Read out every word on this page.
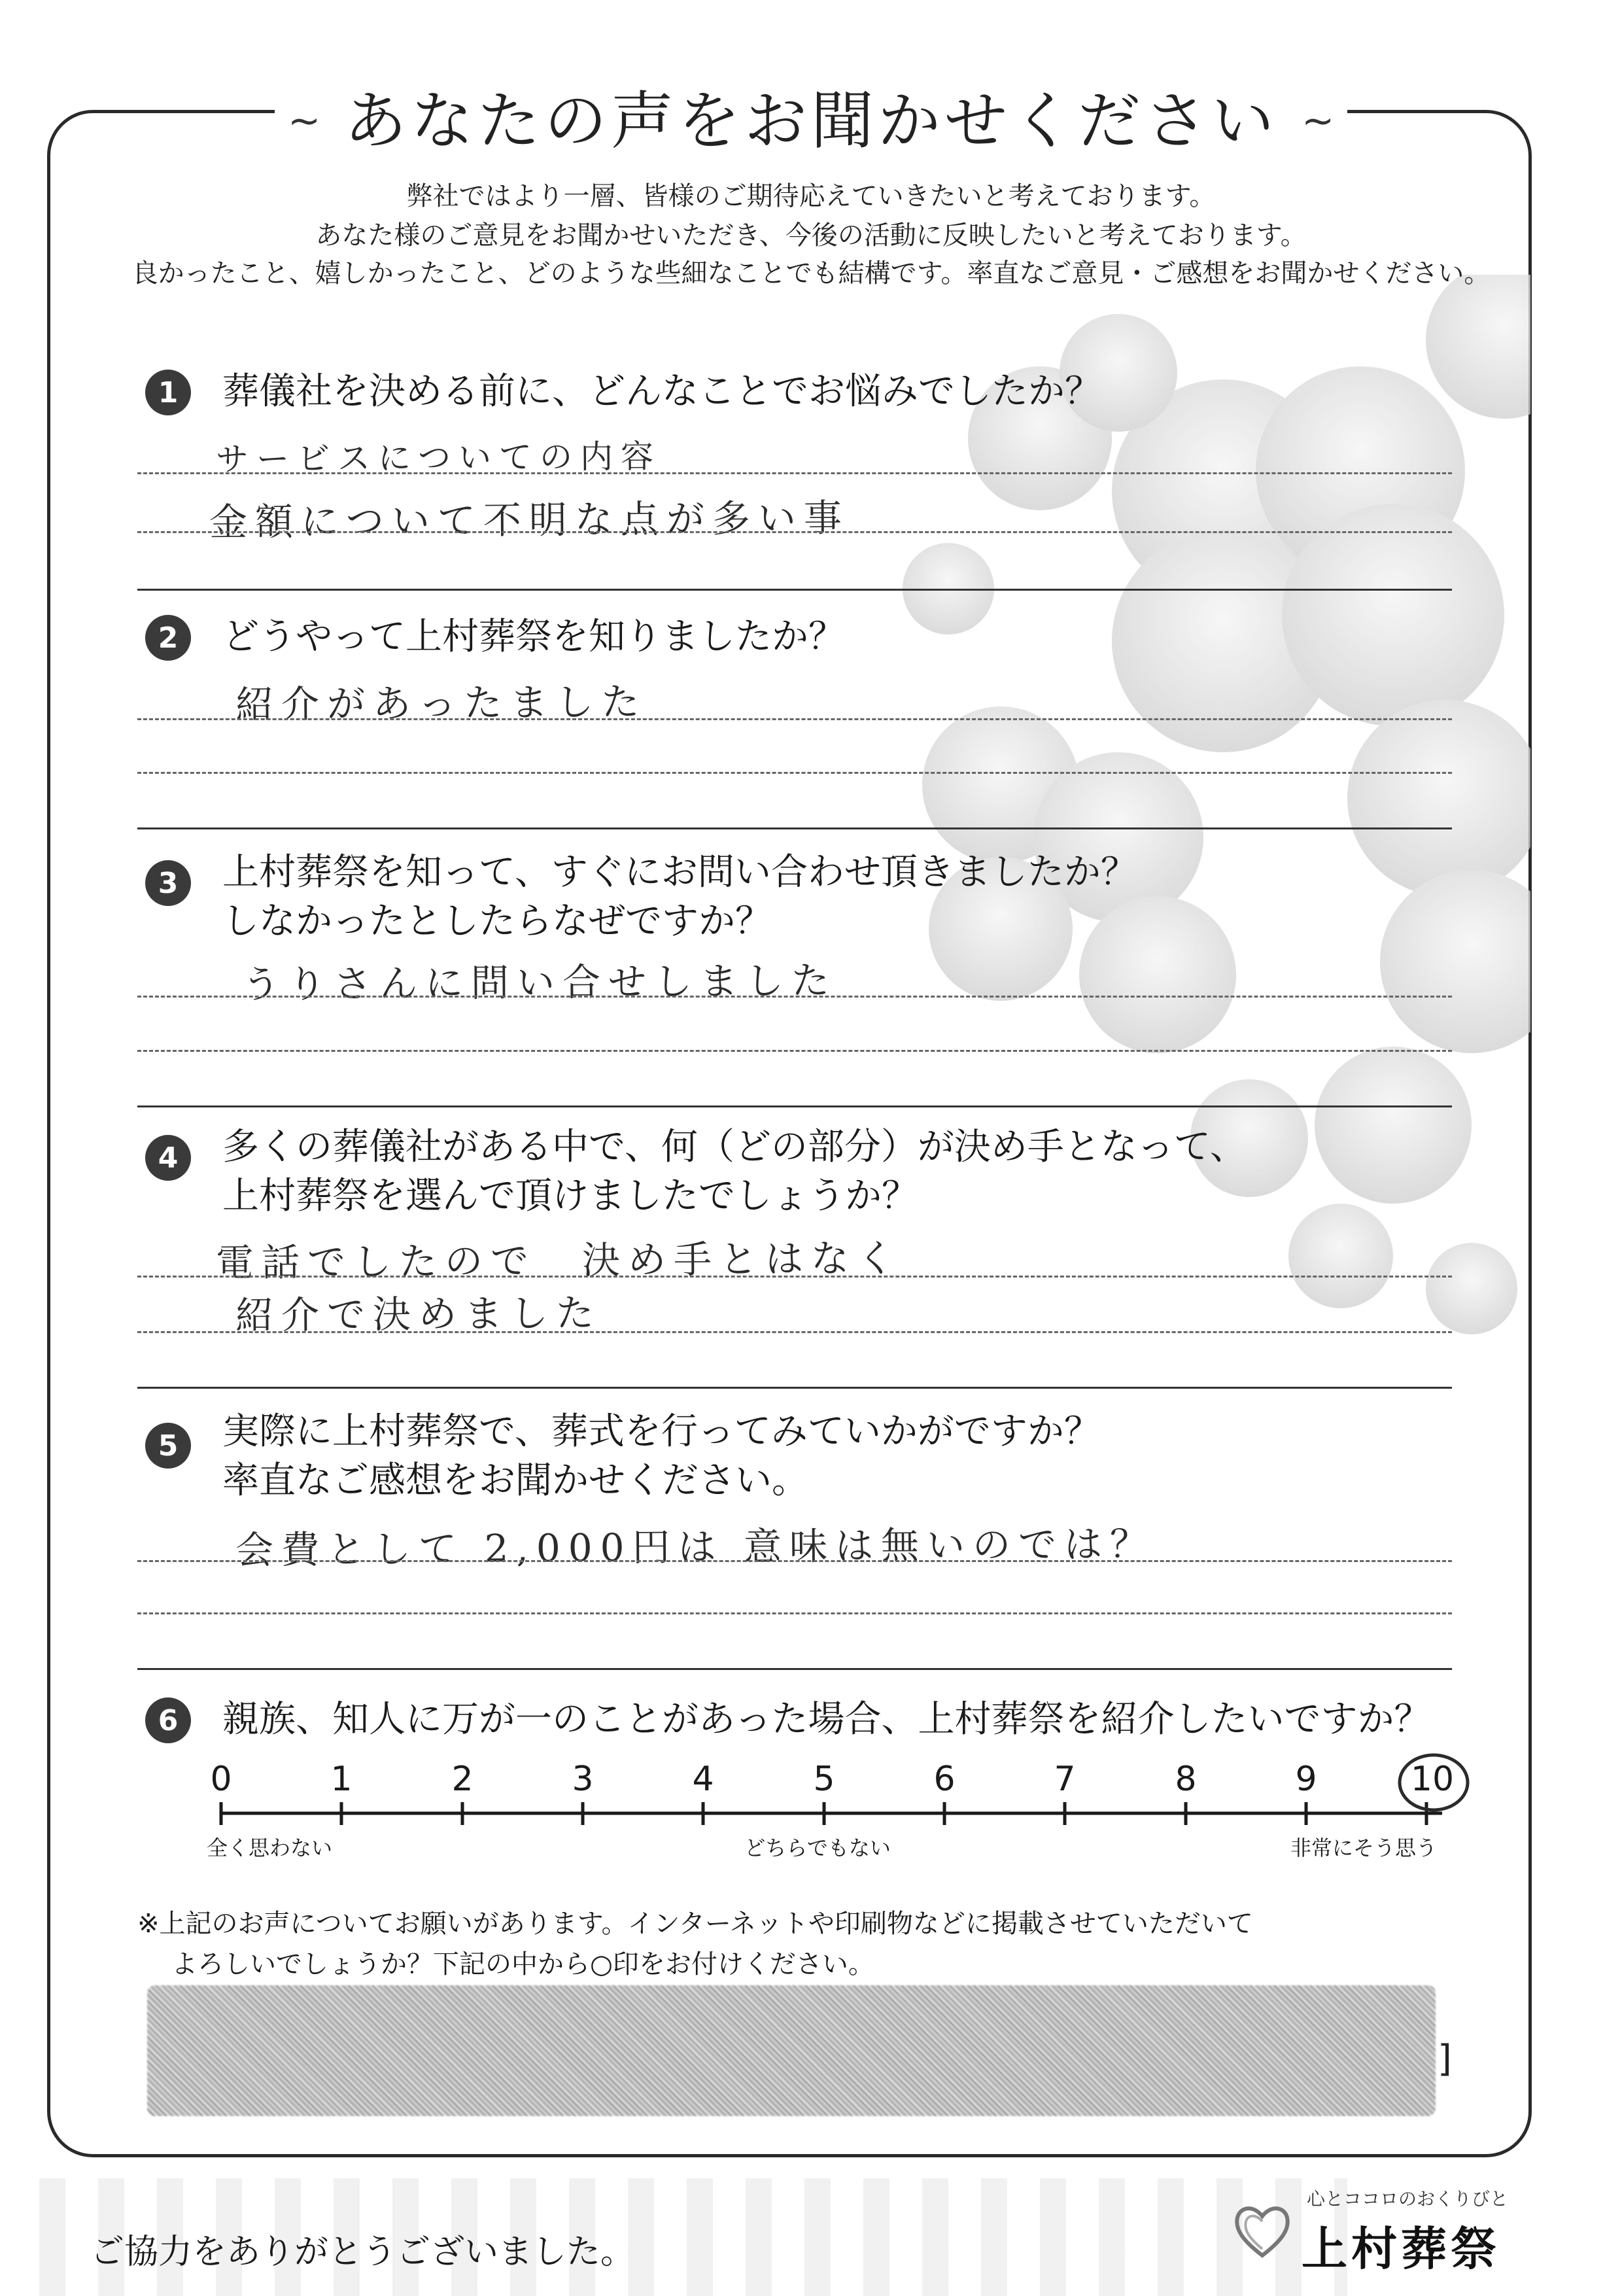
あなたの声をお聞かせください
~	~
弊社ではより一層、皆様のご期待応えていきたいと考えております。
あなた様のご意見をお聞かせいただき、今後の活動に反映したいと考えております。
良かったこと、嬉しかったこと、どのような些細なことでも結構です。率直なご意見・ご感想をお聞かせください。
1	葬儀社を決める前に、どんなことでお悩みでしたか？
サービスについての内容
金額について不明な点が多い事
2	どうやって上村葬祭を知りましたか？
紹介があったました
3	上村葬祭を知って、すぐにお問い合わせ頂きましたか？
しなかったとしたらなぜですか？
うりさんに問い合せしました
4	多くの葬儀社がある中で、何（どの部分）が決め手となって、
上村葬祭を選んで頂けましたでしょうか？
電話でしたので　決め手とはなく
紹介で決めました
5	実際に上村葬祭で、葬式を行ってみていかがですか？
率直なご感想をお聞かせください。
会費として 2,000円は 意味は無いのでは？
6	親族、知人に万が一のことがあった場合、上村葬祭を紹介したいですか？
0	1	2	3	4	5	6	7	8	9	10
全く思わない	どちらでもない	非常にそう思う
※上記のお声についてお願いがあります。インターネットや印刷物などに掲載させていただいて
よろしいでしょうか？下記の中から○印をお付けください。
]
ご協力をありがとうございました。
心とココロのおくりびと
上村葬祭
